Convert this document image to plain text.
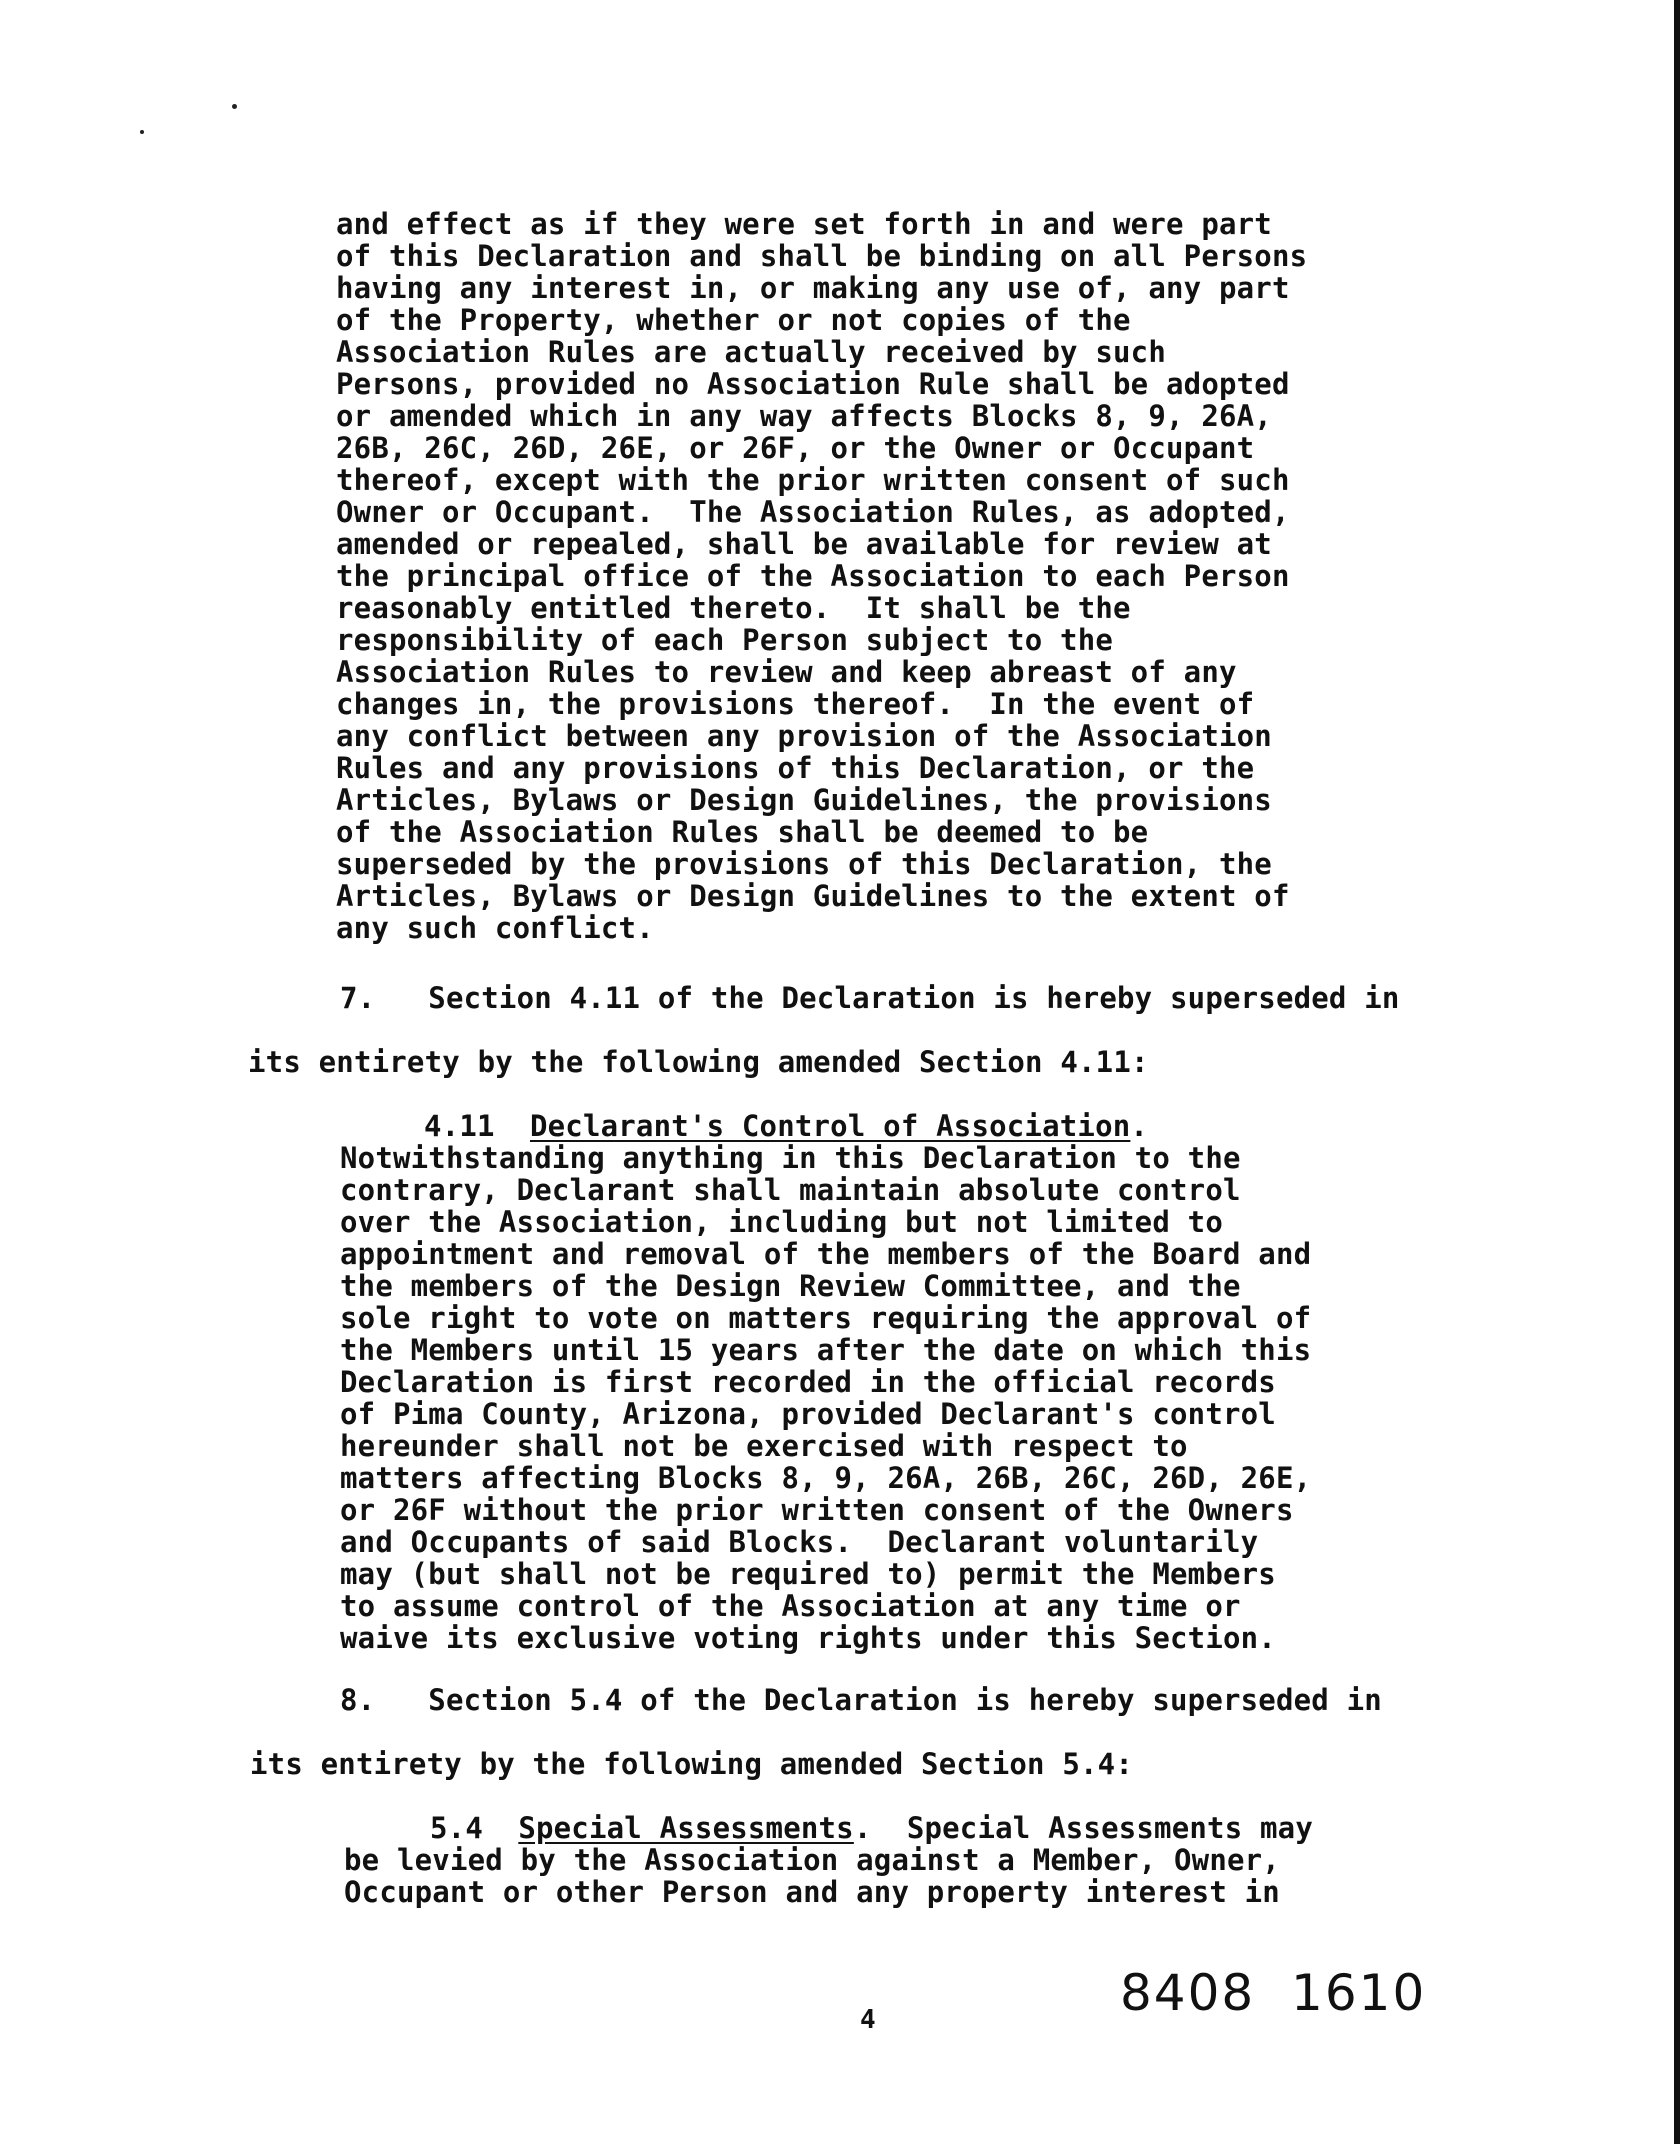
and effect as if they were set forth in and were part
of this Declaration and shall be binding on all Persons
having any interest in, or making any use of, any part
of the Property, whether or not copies of the
Association Rules are actually received by such
Persons, provided no Association Rule shall be adopted
or amended which in any way affects Blocks 8, 9, 26A,
26B, 26C, 26D, 26E, or 26F, or the Owner or Occupant
thereof, except with the prior written consent of such
Owner or Occupant.  The Association Rules, as adopted,
amended or repealed, shall be available for review at
the principal office of the Association to each Person
reasonably entitled thereto.  It shall be the
responsibility of each Person subject to the
Association Rules to review and keep abreast of any
changes in, the provisions thereof.  In the event of
any conflict between any provision of the Association
Rules and any provisions of this Declaration, or the
Articles, Bylaws or Design Guidelines, the provisions
of the Association Rules shall be deemed to be
superseded by the provisions of this Declaration, the
Articles, Bylaws or Design Guidelines to the extent of
any such conflict.
7.   Section 4.11 of the Declaration is hereby superseded in
its entirety by the following amended Section 4.11:
4.11  Declarant's Control of Association.
Notwithstanding anything in this Declaration to the
contrary, Declarant shall maintain absolute control
over the Association, including but not limited to
appointment and removal of the members of the Board and
the members of the Design Review Committee, and the
sole right to vote on matters requiring the approval of
the Members until 15 years after the date on which this
Declaration is first recorded in the official records
of Pima County, Arizona, provided Declarant's control
hereunder shall not be exercised with respect to
matters affecting Blocks 8, 9, 26A, 26B, 26C, 26D, 26E,
or 26F without the prior written consent of the Owners
and Occupants of said Blocks.  Declarant voluntarily
may (but shall not be required to) permit the Members
to assume control of the Association at any time or
waive its exclusive voting rights under this Section.
8.   Section 5.4 of the Declaration is hereby superseded in
its entirety by the following amended Section 5.4:
5.4  Special Assessments.  Special Assessments may
be levied by the Association against a Member, Owner,
Occupant or other Person and any property interest in
4	8408  1610
